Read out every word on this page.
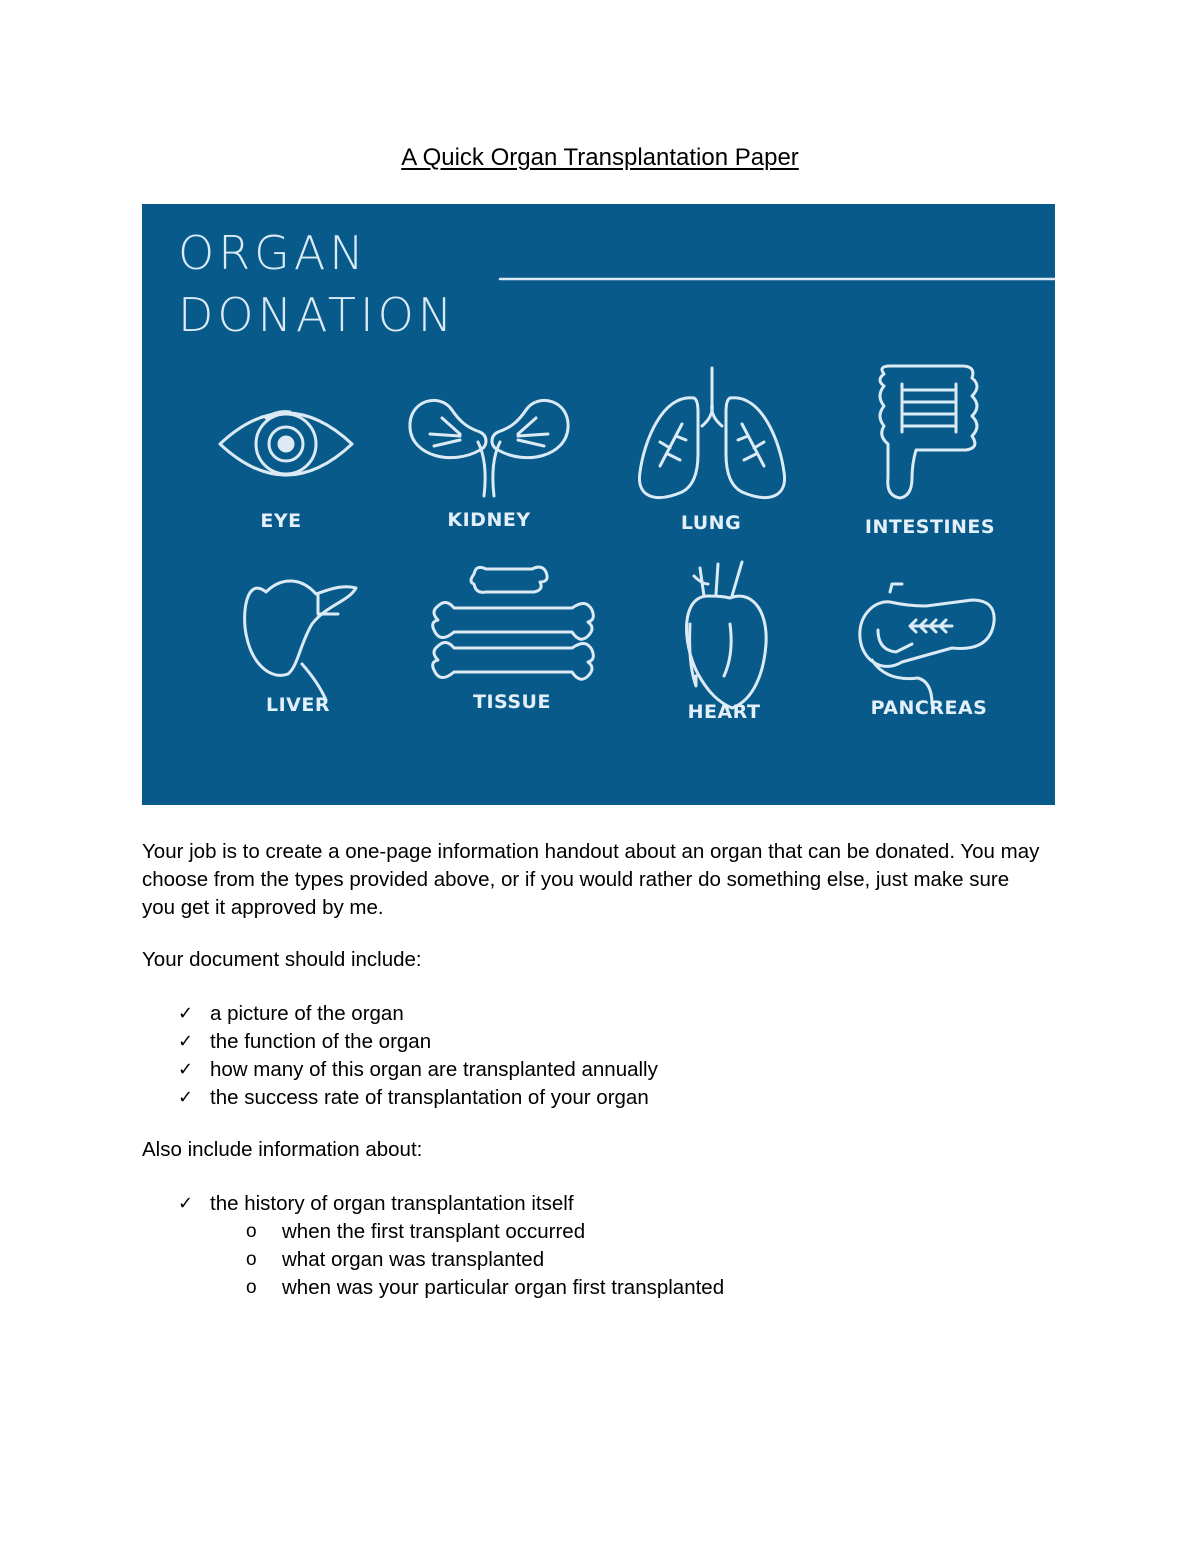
A Quick Organ Transplantation Paper
ORGAN
DONATION
EYE	KIDNEY	LUNG	INTESTINES
LIVER	TISSUE	HEART	PANCREAS

Your job is to create a one-page information handout about an organ that can be donated. You may choose from the types provided above, or if you would rather do something else, just make sure you get it approved by me.

Your document should include:

✓ a picture of the organ
✓ the function of the organ
✓ how many of this organ are transplanted annually
✓ the success rate of transplantation of your organ

Also include information about:

✓ the history of organ transplantation itself
o when the first transplant occurred
o what organ was transplanted
o when was your particular organ first transplanted
